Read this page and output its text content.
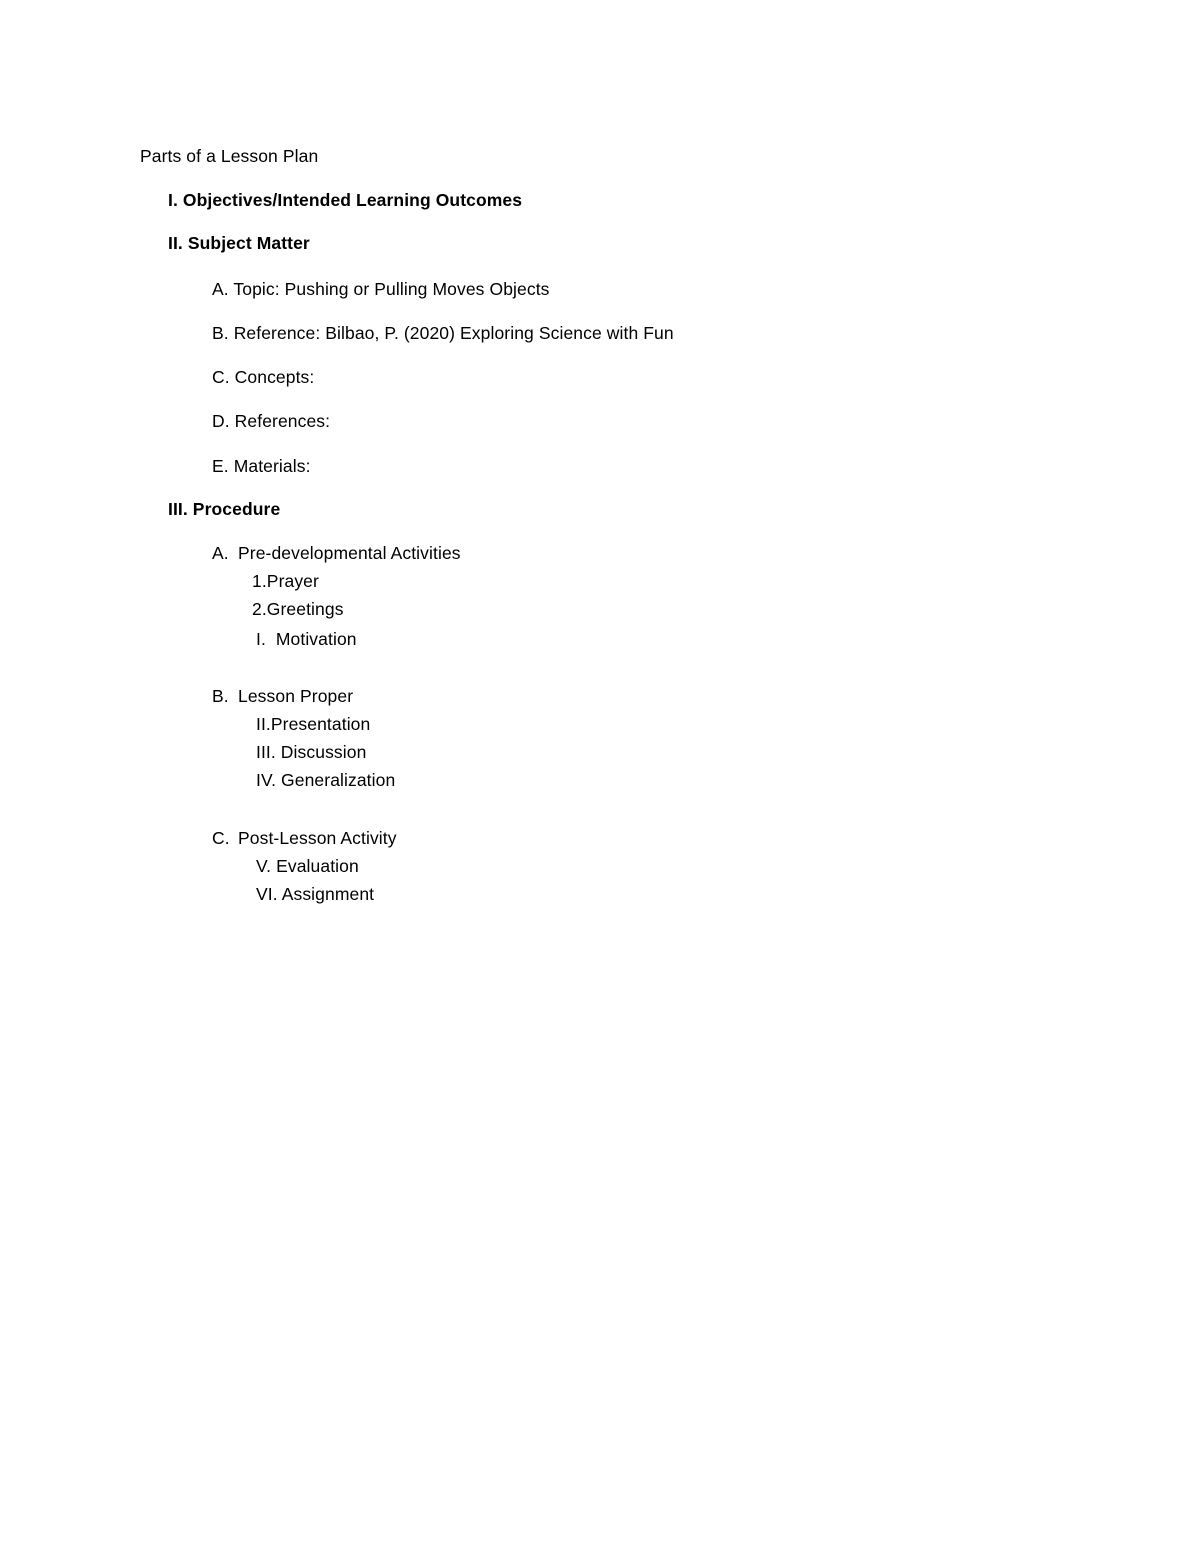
Parts of a Lesson Plan
I. Objectives/Intended Learning Outcomes
II. Subject Matter
A. Topic: Pushing or Pulling Moves Objects
B. Reference: Bilbao, P. (2020) Exploring Science with Fun
C. Concepts:
D. References:
E. Materials:
III. Procedure
A. Pre-developmental Activities
1.Prayer
2.Greetings
I.  Motivation
B. Lesson Proper
II.Presentation
III. Discussion
IV. Generalization
C. Post-Lesson Activity
V. Evaluation
VI. Assignment
